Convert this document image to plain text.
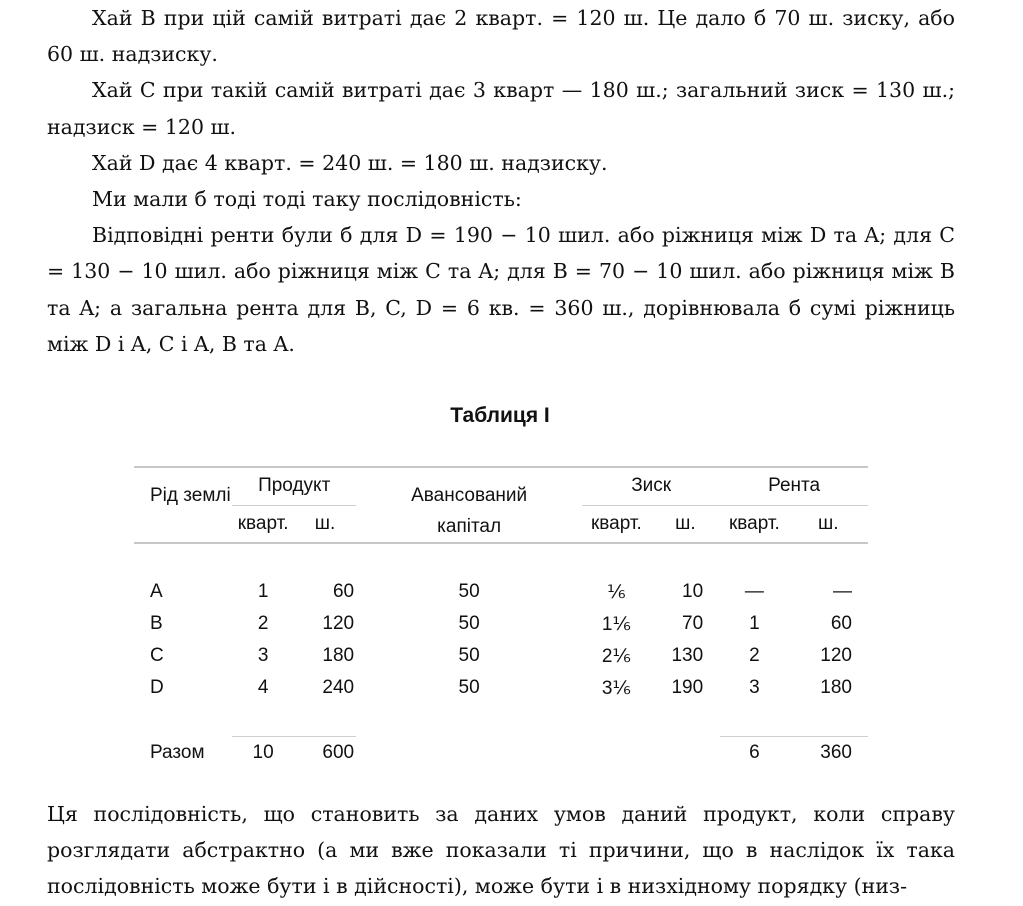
Хай B при цій самій витраті дає 2 кварт. = 120 ш. Це дало б 70 ш. зиску, або 60 ш. надзиску.

Хай C при такій самій витраті дає 3 кварт — 180 ш.; загальний зиск = 130 ш.; надзиск = 120 ш.

Хай D дає 4 кварт. = 240 ш. = 180 ш. надзиску.

Ми мали б тоді тоді таку послідовність:

Відповідні ренти були б для D = 190 − 10 шил. або ріжниця між D та A; для C = 130 − 10 шил. або ріжниця між C та A; для B = 70 − 10 шил. або ріжниця між B та A; а загальна рента для B, C, D = 6 кв. = 360 ш., дорівнювала б сумі ріжниць між D і A, C і A, B та A.

Таблиця I
Рід землі	Продукт		Авансований капітал	Зиск		Рента	
	кварт.	ш.		кварт.	ш.	кварт.	ш.

A	1	60	50	⅙	10	—	—
B	2	120	50	1⅙	70	1	60
C	3	180	50	2⅙	130	2	120
D	4	240	50	3⅙	190	3	180

Разом	10	600				6	360

Ця послідовність, що становить за даних умов даний продукт, коли справу розглядати абстрактно (а ми вже показали ті причини, що в наслідок їх така послідовність може бути і в дійсності), може бути і в низхідному порядку (низ-
